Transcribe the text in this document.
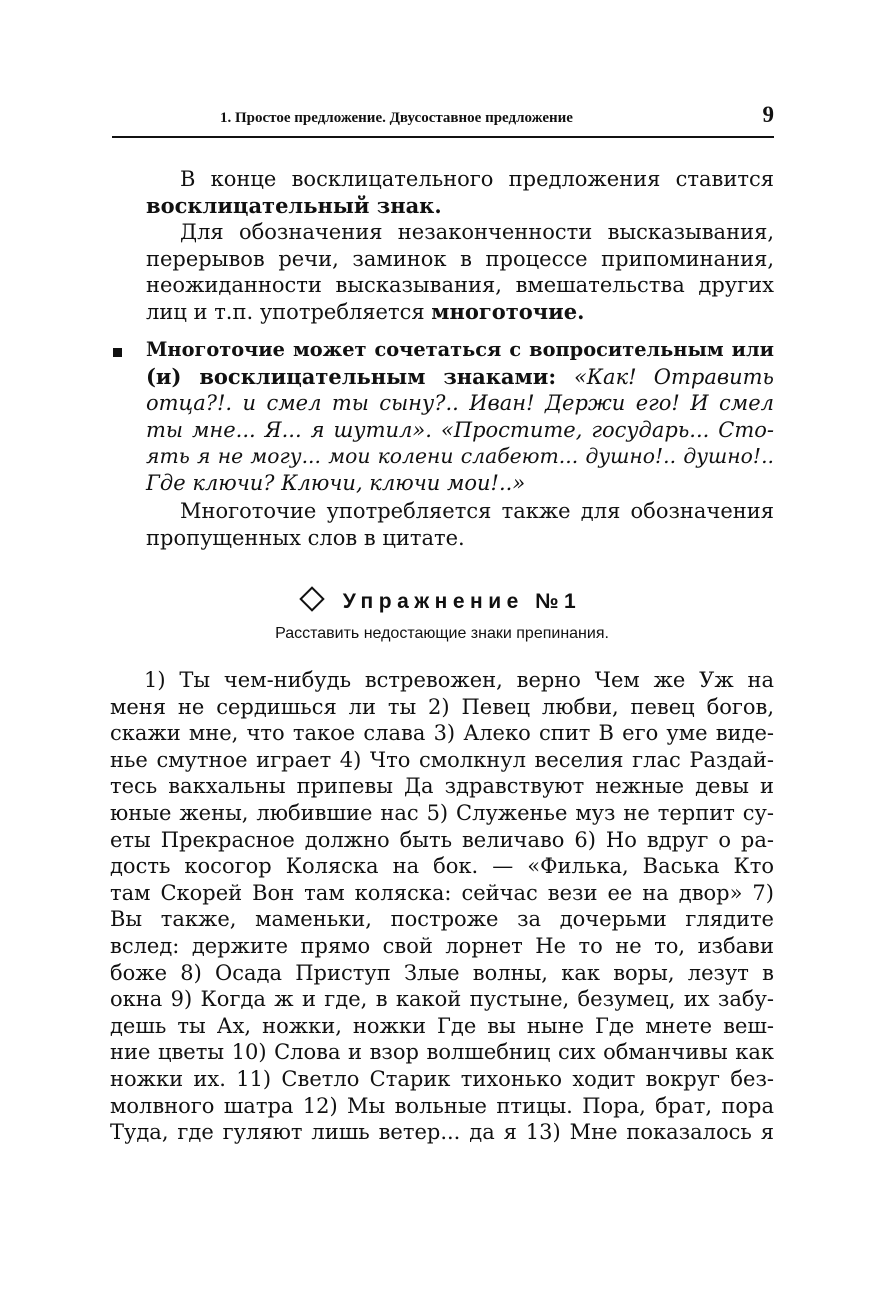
1. Простое предложение. Двусоставное предложение	9
В конце восклицательного предложения ставится
восклицательный знак.
Для обозначения незаконченности высказывания,
перерывов речи, заминок в процессе припоминания,
неожиданности высказывания, вмешательства других
лиц и т.п. употребляется многоточие.
Многоточие может сочетаться с вопросительным или
(и) восклицательным знаками: «Как! Отравить
отца?!. и смел ты сыну?.. Иван! Держи его! И смел
ты мне... Я... я шутил». «Простите, государь... Сто-
ять я не могу... мои колени слабеют... душно!.. душно!..
Где ключи? Ключи, ключи мои!..»
Многоточие употребляется также для обозначения
пропущенных слов в цитате.
Упражнение №1
Расставить недостающие знаки препинания.
1) Ты чем-нибудь встревожен, верно Чем же Уж на
меня не сердишься ли ты 2) Певец любви, певец богов,
скажи мне, что такое слава 3) Алеко спит В его уме виде-
нье смутное играет 4) Что смолкнул веселия глас Раздай-
тесь вакхальны припевы Да здравствуют нежные девы и
юные жены, любившие нас 5) Служенье муз не терпит су-
еты Прекрасное должно быть величаво 6) Но вдруг о ра-
дость косогор Коляска на бок. — «Филька, Васька Кто
там Скорей Вон там коляска: сейчас вези ее на двор» 7)
Вы также, маменьки, построже за дочерьми глядите
вслед: держите прямо свой лорнет Не то не то, избави
боже 8) Осада Приступ Злые волны, как воры, лезут в
окна 9) Когда ж и где, в какой пустыне, безумец, их забу-
дешь ты Ах, ножки, ножки Где вы ныне Где мнете веш-
ние цветы 10) Слова и взор волшебниц сих обманчивы как
ножки их. 11) Светло Старик тихонько ходит вокруг без-
молвного шатра 12) Мы вольные птицы. Пора, брат, пора
Туда, где гуляют лишь ветер... да я 13) Мне показалось я
